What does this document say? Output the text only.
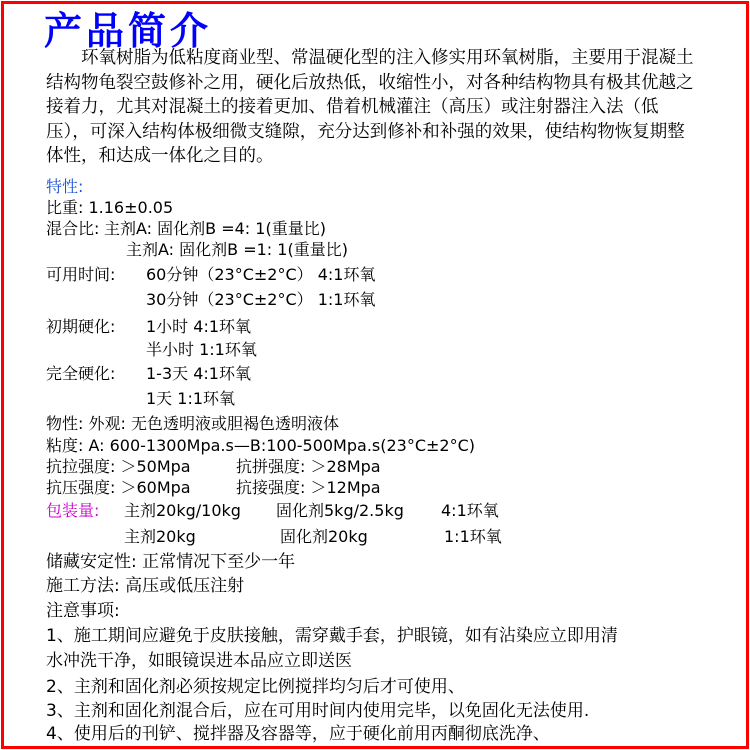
产品简介
环氧树脂为低粘度商业型、常温硬化型的注入修实用环氧树脂，主要用于混凝土结构物龟裂空鼓修补之用，硬化后放热低，收缩性小，对各种结构物具有极其优越之接着力，尤其对混凝土的接着更加、借着机械灌注（高压）或注射器注入法（低压），可深入结构体极细微支缝隙，充分达到修补和补强的效果，使结构物恢复期整体性，和达成一体化之目的。
特性:
比重: 1.16±0.05
混合比: 主剂A: 固化剂B =4: 1(重量比)
主剂A: 固化剂B =1: 1(重量比)
可用时间: 60分钟（23°C±2°C） 4:1环氧
30分钟（23°C±2°C） 1:1环氧
初期硬化: 1小时 4:1环氧
半小时 1:1环氧
完全硬化: 1-3天 4:1环氧
1天 1:1环氧
物性: 外观: 无色透明液或胆褐色透明液体
粘度: A: 600-1300Mpa.s—B:100-500Mpa.s(23°C±2°C)
抗拉强度: ＞50Mpa	抗拼强度: ＞28Mpa
抗压强度: ＞60Mpa	抗接强度: ＞12Mpa
包装量: 主剂20kg/10kg 固化剂5kg/2.5kg 4:1环氧
主剂20kg	固化剂20kg	1:1环氧
储藏安定性: 正常情况下至少一年
施工方法: 高压或低压注射
注意事项:
1、施工期间应避免于皮肤接触，需穿戴手套，护眼镜，如有沾染应立即用清
水冲洗干净，如眼镜误进本品应立即送医
2、主剂和固化剂必须按规定比例搅拌均匀后才可使用、
3、主剂和固化剂混合后，应在可用时间内使用完毕，以免固化无法使用.
4、使用后的刊铲、搅拌器及容器等，应于硬化前用丙酮彻底洗净、
